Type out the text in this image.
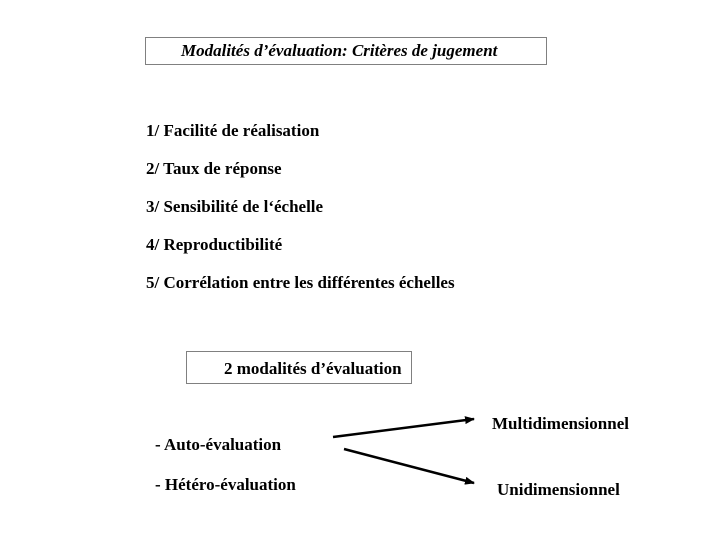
Modalités d’évaluation: Critères de jugement
1/ Facilité de réalisation
2/ Taux de réponse
3/ Sensibilité de l‘échelle
4/ Reproductibilité
5/ Corrélation entre les différentes échelles
2 modalités d’évaluation
- Auto-évaluation
- Hétéro-évaluation
Multidimensionnel
Unidimensionnel
